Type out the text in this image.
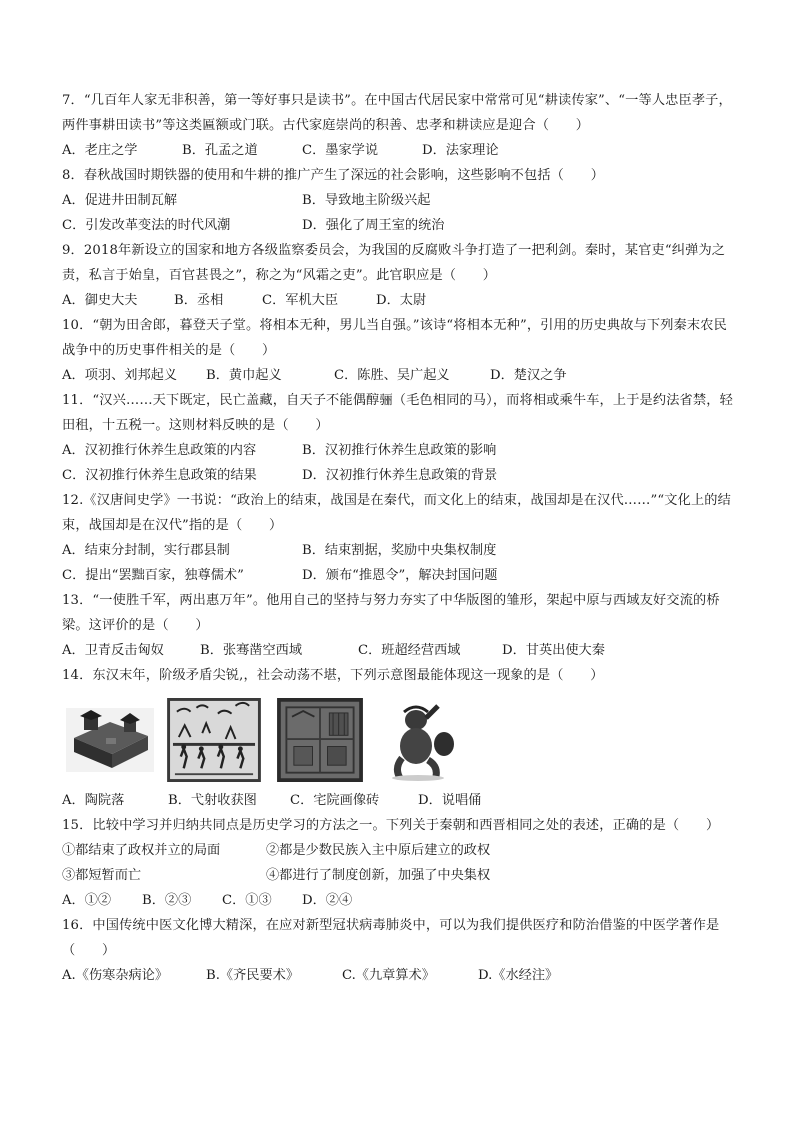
7．“几百年人家无非积善，第一等好事只是读书”。在中国古代居民家中常常可见“耕读传家”、“一等人忠臣孝子，两件事耕田读书”等这类匾额或门联。古代家庭崇尚的积善、忠孝和耕读应是迎合（　　）

A．老庄之学	B．孔孟之道	C．墨家学说	D．法家理论

8．春秋战国时期铁器的使用和牛耕的推广产生了深远的社会影响，这些影响不包括（　　）

A．促进井田制瓦解	B．导致地主阶级兴起
C．引发改革变法的时代风潮	D．强化了周王室的统治

9．2018年新设立的国家和地方各级监察委员会，为我国的反腐败斗争打造了一把利剑。秦时，某官吏“纠弹为之责，私言于始皇，百官甚畏之”，称之为“风霜之吏”。此官职应是（　　）

A．御史大夫	B．丞相	C．军机大臣	D．太尉

10．“朝为田舍郎，暮登天子堂。将相本无种，男儿当自强。”该诗“将相本无种”，引用的历史典故与下列秦末农民战争中的历史事件相关的是（　　）

A．项羽、刘邦起义	B．黄巾起义	C．陈胜、吴广起义	D．楚汉之争

11．“汉兴……天下既定，民亡盖藏，自天子不能偶醇骊（毛色相同的马），而将相或乘牛车，上于是约法省禁，轻田租，十五税一。这则材料反映的是（　　）

A．汉初推行休养生息政策的内容	B．汉初推行休养生息政策的影响
C．汉初推行休养生息政策的结果	D．汉初推行休养生息政策的背景

12.《汉唐间史学》一书说：“政治上的结束，战国是在秦代，而文化上的结束，战国却是在汉代……”“文化上的结束，战国却是在汉代”指的是（　　）

A．结束分封制，实行郡县制	B．结束割据，奖励中央集权制度
C．提出“罢黜百家，独尊儒术”	D．颁布“推恩令”，解决封国问题

13．“一使胜千军，两出惠万年”。他用自己的坚持与努力夯实了中华版图的雏形，架起中原与西域友好交流的桥梁。这评价的是（　　）

A．卫青反击匈奴	B．张骞凿空西域	C．班超经营西域	D．甘英出使大秦

14．东汉末年，阶级矛盾尖锐,，社会动荡不堪，下列示意图最能体现这一现象的是（　　）

A．陶院落	B．弋射收获图	C．宅院画像砖	D．说唱俑

15．比较中学习并归纳共同点是历史学习的方法之一。下列关于秦朝和西晋相同之处的表述，正确的是（　　）

①都结束了政权并立的局面	②都是少数民族入主中原后建立的政权
③都短暂而亡	④都进行了制度创新，加强了中央集权
A．①②	B．②③	C．①③	D．②④

16．中国传统中医文化博大精深，在应对新型冠状病毒肺炎中，可以为我们提供医疗和防治借鉴的中医学著作是（　　）

A.《伤寒杂病论》	B.《齐民要术》	C.《九章算术》	D.《水经注》
